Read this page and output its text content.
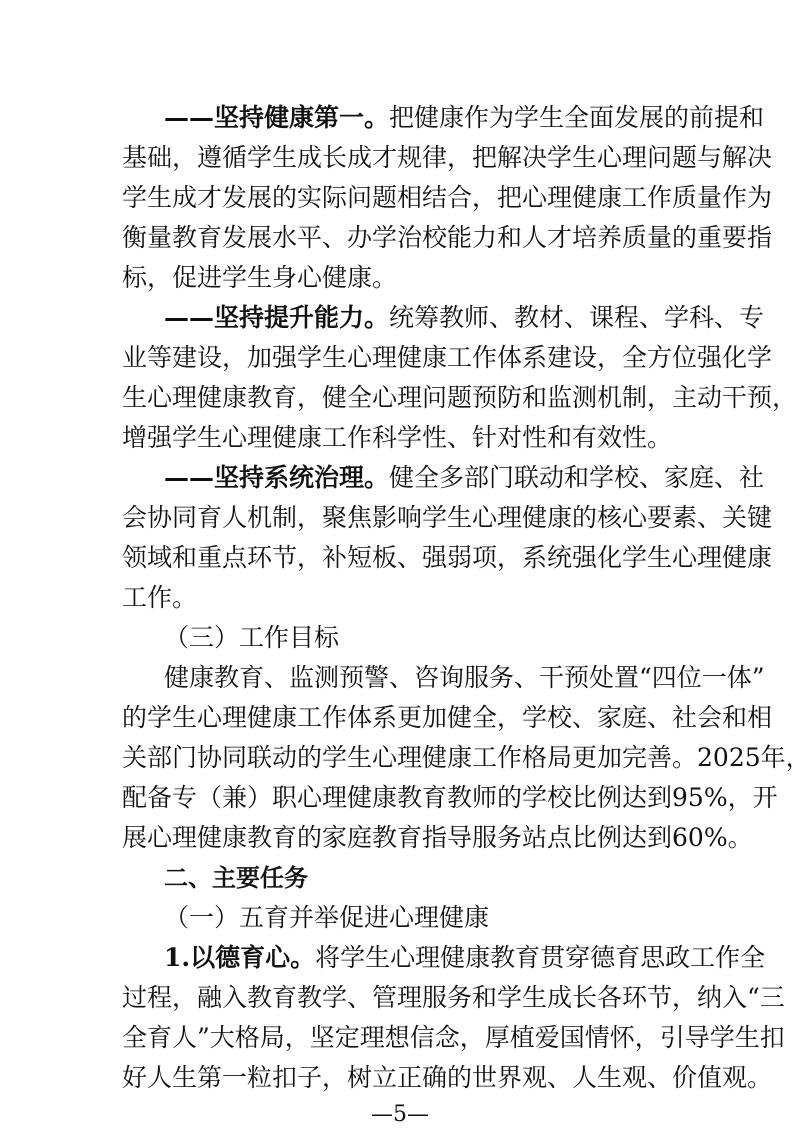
——坚持健康第一。把健康作为学生全面发展的前提和
基础，遵循学生成长成才规律，把解决学生心理问题与解决
学生成才发展的实际问题相结合，把心理健康工作质量作为
衡量教育发展水平、办学治校能力和人才培养质量的重要指
标，促进学生身心健康。
——坚持提升能力。统筹教师、教材、课程、学科、专
业等建设，加强学生心理健康工作体系建设，全方位强化学
生心理健康教育，健全心理问题预防和监测机制，主动干预，
增强学生心理健康工作科学性、针对性和有效性。
——坚持系统治理。健全多部门联动和学校、家庭、社
会协同育人机制，聚焦影响学生心理健康的核心要素、关键
领域和重点环节，补短板、强弱项，系统强化学生心理健康
工作。
（三）工作目标
健康教育、监测预警、咨询服务、干预处置“四位一体”
的学生心理健康工作体系更加健全，学校、家庭、社会和相
关部门协同联动的学生心理健康工作格局更加完善。2025年，
配备专（兼）职心理健康教育教师的学校比例达到95%，开
展心理健康教育的家庭教育指导服务站点比例达到60%。
二、主要任务
（一）五育并举促进心理健康
1.以德育心。将学生心理健康教育贯穿德育思政工作全
过程，融入教育教学、管理服务和学生成长各环节，纳入“三
全育人”大格局，坚定理想信念，厚植爱国情怀，引导学生扣
好人生第一粒扣子，树立正确的世界观、人生观、价值观。
—5—
